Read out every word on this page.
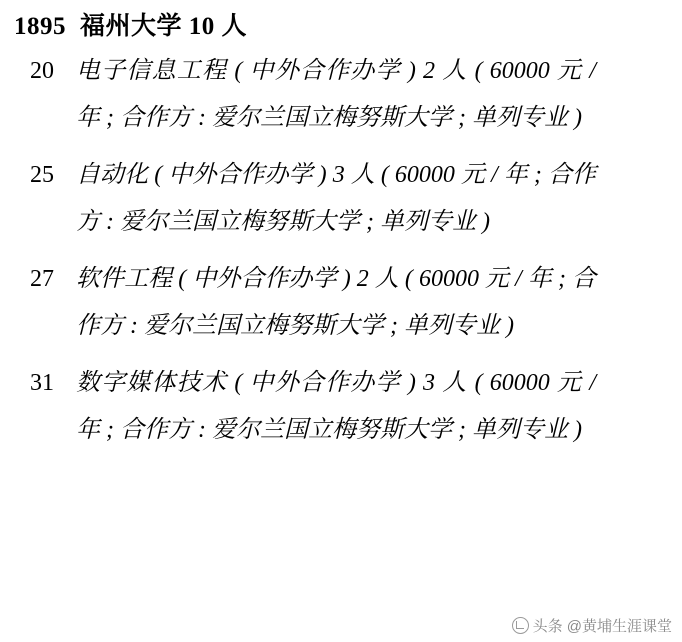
1895 福州大学 10 人
20 电子信息工程 ( 中外合作办学 ) 2 人 ( 60000 元 / 年 ; 合作方 : 爱尔兰国立梅努斯大学 ; 单列专业 )
25 自动化 ( 中外合作办学 ) 3 人 ( 60000 元 / 年 ; 合作方 : 爱尔兰国立梅努斯大学 ; 单列专业 )
27 软件工程 ( 中外合作办学 ) 2 人 ( 60000 元 / 年 ; 合作方 : 爱尔兰国立梅努斯大学 ; 单列专业 )
31 数字媒体技术 ( 中外合作办学 ) 3 人 ( 60000 元 / 年 ; 合作方 : 爱尔兰国立梅努斯大学 ; 单列专业 )
头条 @黄埔生涯课堂
